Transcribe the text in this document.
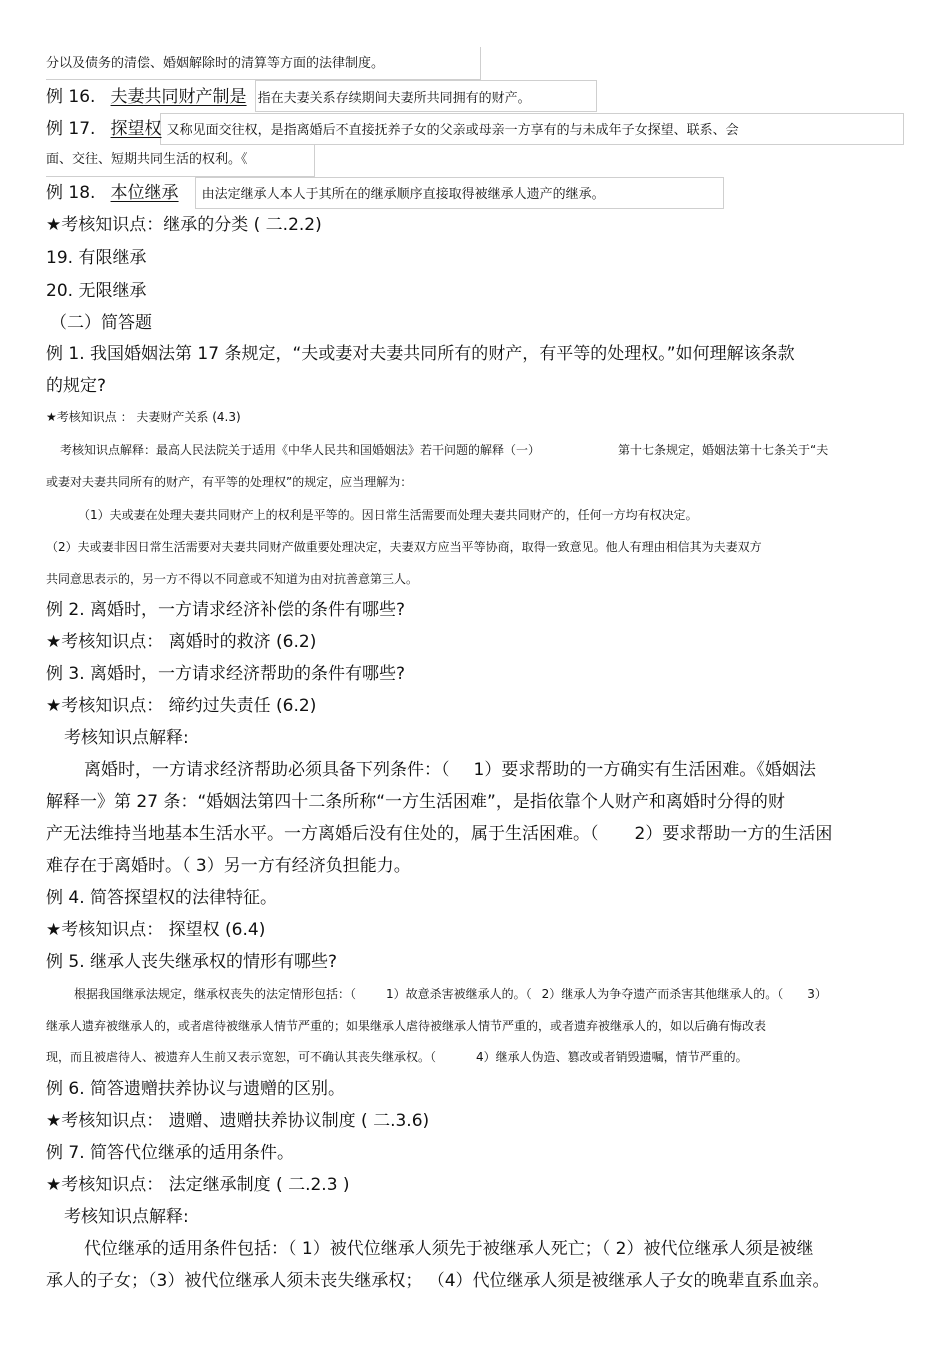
分以及债务的清偿、婚姻解除时的清算等方面的法律制度。
例 16. 夫妻共同财产制是 指在夫妻关系存续期间夫妻所共同拥有的财产。
例 17. 探望权 又称见面交往权，是指离婚后不直接抚养子女的父亲或母亲一方享有的与未成年子女探望、联系、会
面、交往、短期共同生活的权利。《
例 18. 本位继承 由法定继承人本人于其所在的继承顺序直接取得被继承人遗产的继承。
★考核知识点：继承的分类 ( 二.2.2)
19. 有限继承
20. 无限继承
（二）简答题
例 1. 我国婚姻法第 17 条规定，“夫或妻对夫妻共同所有的财产，有平等的处理权。”如何理解该条款
的规定?
★考核知识点 ： 夫妻财产关系 (4.3)
考核知识点解释：最高人民法院关于适用《中华人民共和国婚姻法》若干问题的解释（一）	第十七条规定，婚姻法第十七条关于“夫
或妻对夫妻共同所有的财产，有平等的处理权”的规定，应当理解为：
（1）夫或妻在处理夫妻共同财产上的权利是平等的。因日常生活需要而处理夫妻共同财产的，任何一方均有权决定。
（2）夫或妻非因日常生活需要对夫妻共同财产做重要处理决定，夫妻双方应当平等协商，取得一致意见。他人有理由相信其为夫妻双方
共同意思表示的，另一方不得以不同意或不知道为由对抗善意第三人。
例 2. 离婚时，一方请求经济补偿的条件有哪些?
★考核知识点： 离婚时的救济 (6.2)
例 3. 离婚时，一方请求经济帮助的条件有哪些?
★考核知识点： 缔约过失责任 (6.2)
考核知识点解释:
离婚时，一方请求经济帮助必须具备下列条件：（ 1）要求帮助的一方确实有生活困难。《婚姻法
解释一》第 27 条：“婚姻法第四十二条所称“一方生活困难”，是指依靠个人财产和离婚时分得的财
产无法维持当地基本生活水平。一方离婚后没有住处的，属于生活困难。（ 2）要求帮助一方的生活困
难存在于离婚时。（ 3）另一方有经济负担能力。
例 4. 简答探望权的法律特征。
★考核知识点： 探望权 (6.4)
例 5. 继承人丧失继承权的情形有哪些?
根据我国继承法规定，继承权丧失的法定情形包括：（	1）故意杀害被继承人的。（ 2）继承人为争夺遗产而杀害其他继承人的。（ 3）
继承人遗弃被继承人的，或者虐待被继承人情节严重的；如果继承人虐待被继承人情节严重的，或者遗弃被继承人的，如以后确有悔改表
现，而且被虐待人、被遗弃人生前又表示宽恕，可不确认其丧失继承权。（	4）继承人伪造、篡改或者销毁遗嘱，情节严重的。
例 6. 简答遗赠扶养协议与遗赠的区别。
★考核知识点： 遗赠、遗赠扶养协议制度 ( 二.3.6)
例 7. 简答代位继承的适用条件。
★考核知识点： 法定继承制度 ( 二.2.3 )
考核知识点解释:
代位继承的适用条件包括：（ 1）被代位继承人须先于被继承人死亡；（ 2）被代位继承人须是被继
承人的子女；（3）被代位继承人须未丧失继承权； （4）代位继承人须是被继承人子女的晚辈直系血亲。
